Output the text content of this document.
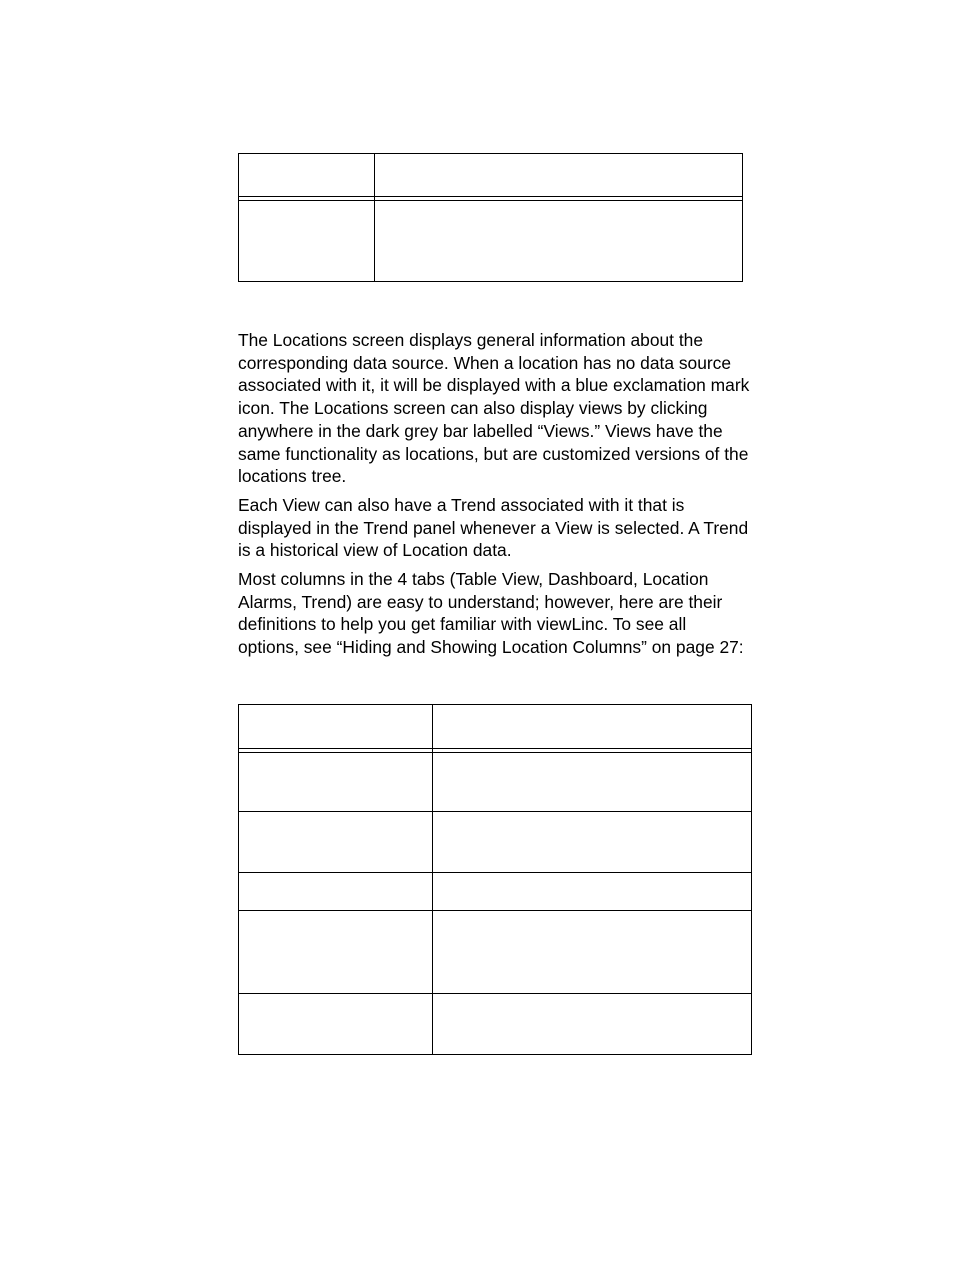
The Locations screen displays general information about the corresponding data source. When a location has no data source associated with it, it will be displayed with a blue exclamation mark icon. The Locations screen can also display views by clicking anywhere in the dark grey bar labelled “Views.” Views have the same functionality as locations, but are customized versions of the locations tree.

Each View can also have a Trend associated with it that is displayed in the Trend panel whenever a View is selected. A Trend is a historical view of Location data.

Most columns in the 4 tabs (Table View, Dashboard, Location Alarms, Trend) are easy to understand; however, here are their definitions to help you get familiar with viewLinc. To see all options, see “Hiding and Showing Location Columns” on page 27:
